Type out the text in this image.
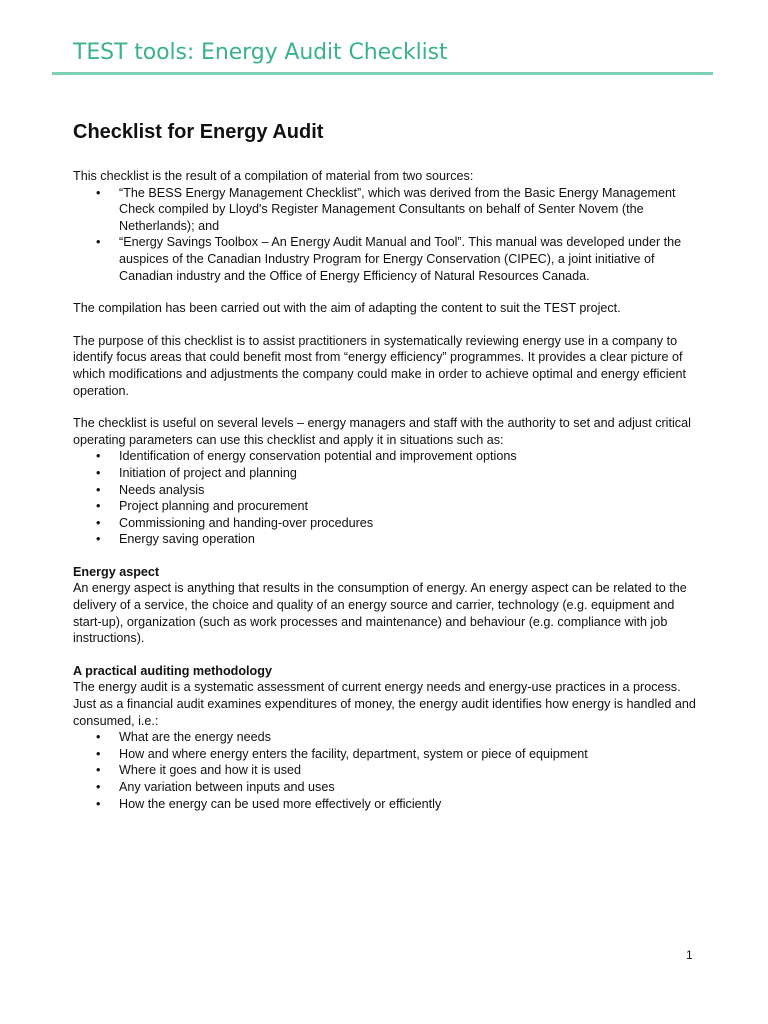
TEST tools: Energy Audit Checklist
Checklist for Energy Audit

This checklist is the result of a compilation of material from two sources:

• “The BESS Energy Management Checklist”, which was derived from the Basic Energy Management Check compiled by Lloyd's Register Management Consultants on behalf of Senter Novem (the Netherlands); and
• “Energy Savings Toolbox – An Energy Audit Manual and Tool”. This manual was developed under the auspices of the Canadian Industry Program for Energy Conservation (CIPEC), a joint initiative of Canadian industry and the Office of Energy Efficiency of Natural Resources Canada.

The compilation has been carried out with the aim of adapting the content to suit the TEST project.

The purpose of this checklist is to assist practitioners in systematically reviewing energy use in a company to identify focus areas that could benefit most from “energy efficiency” programmes. It provides a clear picture of which modifications and adjustments the company could make in order to achieve optimal and energy efficient operation.

The checklist is useful on several levels – energy managers and staff with the authority to set and adjust critical operating parameters can use this checklist and apply it in situations such as:

• Identification of energy conservation potential and improvement options
• Initiation of project and planning
• Needs analysis
• Project planning and procurement
• Commissioning and handing-over procedures
• Energy saving operation

Energy aspect

An energy aspect is anything that results in the consumption of energy. An energy aspect can be related to the delivery of a service, the choice and quality of an energy source and carrier, technology (e.g. equipment and start-up), organization (such as work processes and maintenance) and behaviour (e.g. compliance with job instructions).

A practical auditing methodology

The energy audit is a systematic assessment of current energy needs and energy-use practices in a process. Just as a financial audit examines expenditures of money, the energy audit identifies how energy is handled and consumed, i.e.:

• What are the energy needs
• How and where energy enters the facility, department, system or piece of equipment
• Where it goes and how it is used
• Any variation between inputs and uses
• How the energy can be used more effectively or efficiently
1
